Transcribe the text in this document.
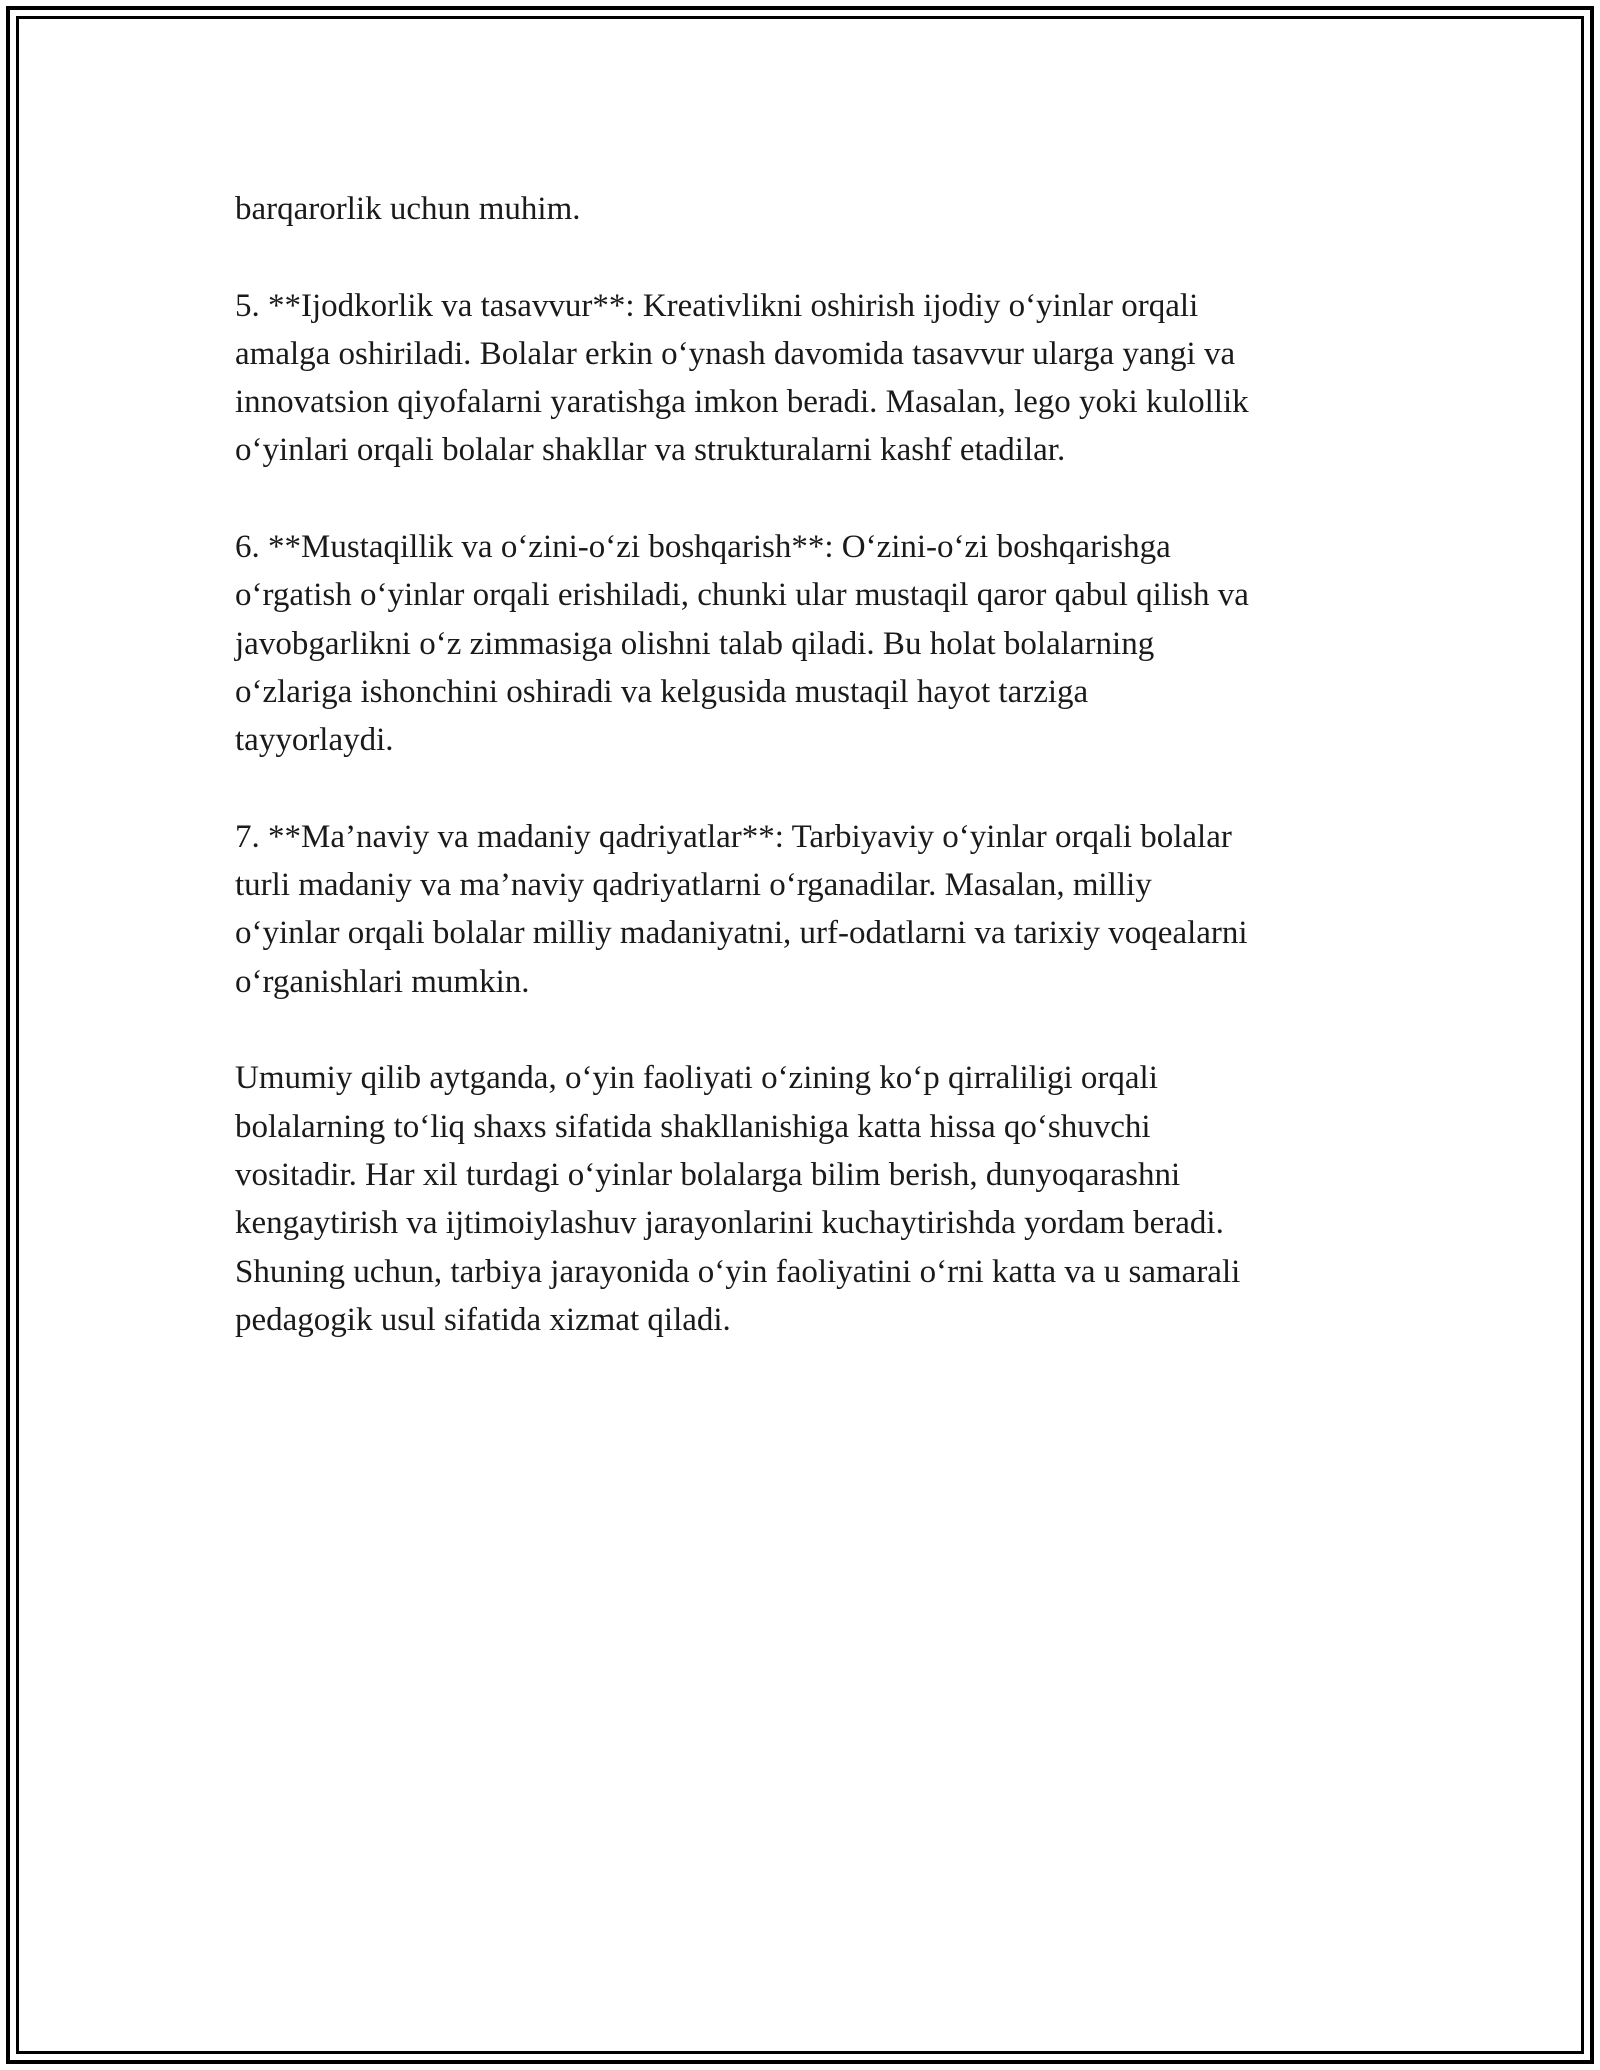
barqarorlik uchun muhim.

5. **Ijodkorlik va tasavvur**: Kreativlikni oshirish ijodiy o‘yinlar orqali
amalga oshiriladi. Bolalar erkin o‘ynash davomida tasavvur ularga yangi va
innovatsion qiyofalarni yaratishga imkon beradi. Masalan, lego yoki kulollik
o‘yinlari orqali bolalar shakllar va strukturalarni kashf etadilar.

6. **Mustaqillik va o‘zini-o‘zi boshqarish**: O‘zini-o‘zi boshqarishga
o‘rgatish o‘yinlar orqali erishiladi, chunki ular mustaqil qaror qabul qilish va
javobgarlikni o‘z zimmasiga olishni talab qiladi. Bu holat bolalarning
o‘zlariga ishonchini oshiradi va kelgusida mustaqil hayot tarziga
tayyorlaydi.

7. **Ma’naviy va madaniy qadriyatlar**: Tarbiyaviy o‘yinlar orqali bolalar
turli madaniy va ma’naviy qadriyatlarni o‘rganadilar. Masalan, milliy
o‘yinlar orqali bolalar milliy madaniyatni, urf-odatlarni va tarixiy voqealarni
o‘rganishlari mumkin.

Umumiy qilib aytganda, o‘yin faoliyati o‘zining ko‘p qirraliligi orqali
bolalarning to‘liq shaxs sifatida shakllanishiga katta hissa qo‘shuvchi
vositadir. Har xil turdagi o‘yinlar bolalarga bilim berish, dunyoqarashni
kengaytirish va ijtimoiylashuv jarayonlarini kuchaytirishda yordam beradi.
Shuning uchun, tarbiya jarayonida o‘yin faoliyatini o‘rni katta va u samarali
pedagogik usul sifatida xizmat qiladi.
